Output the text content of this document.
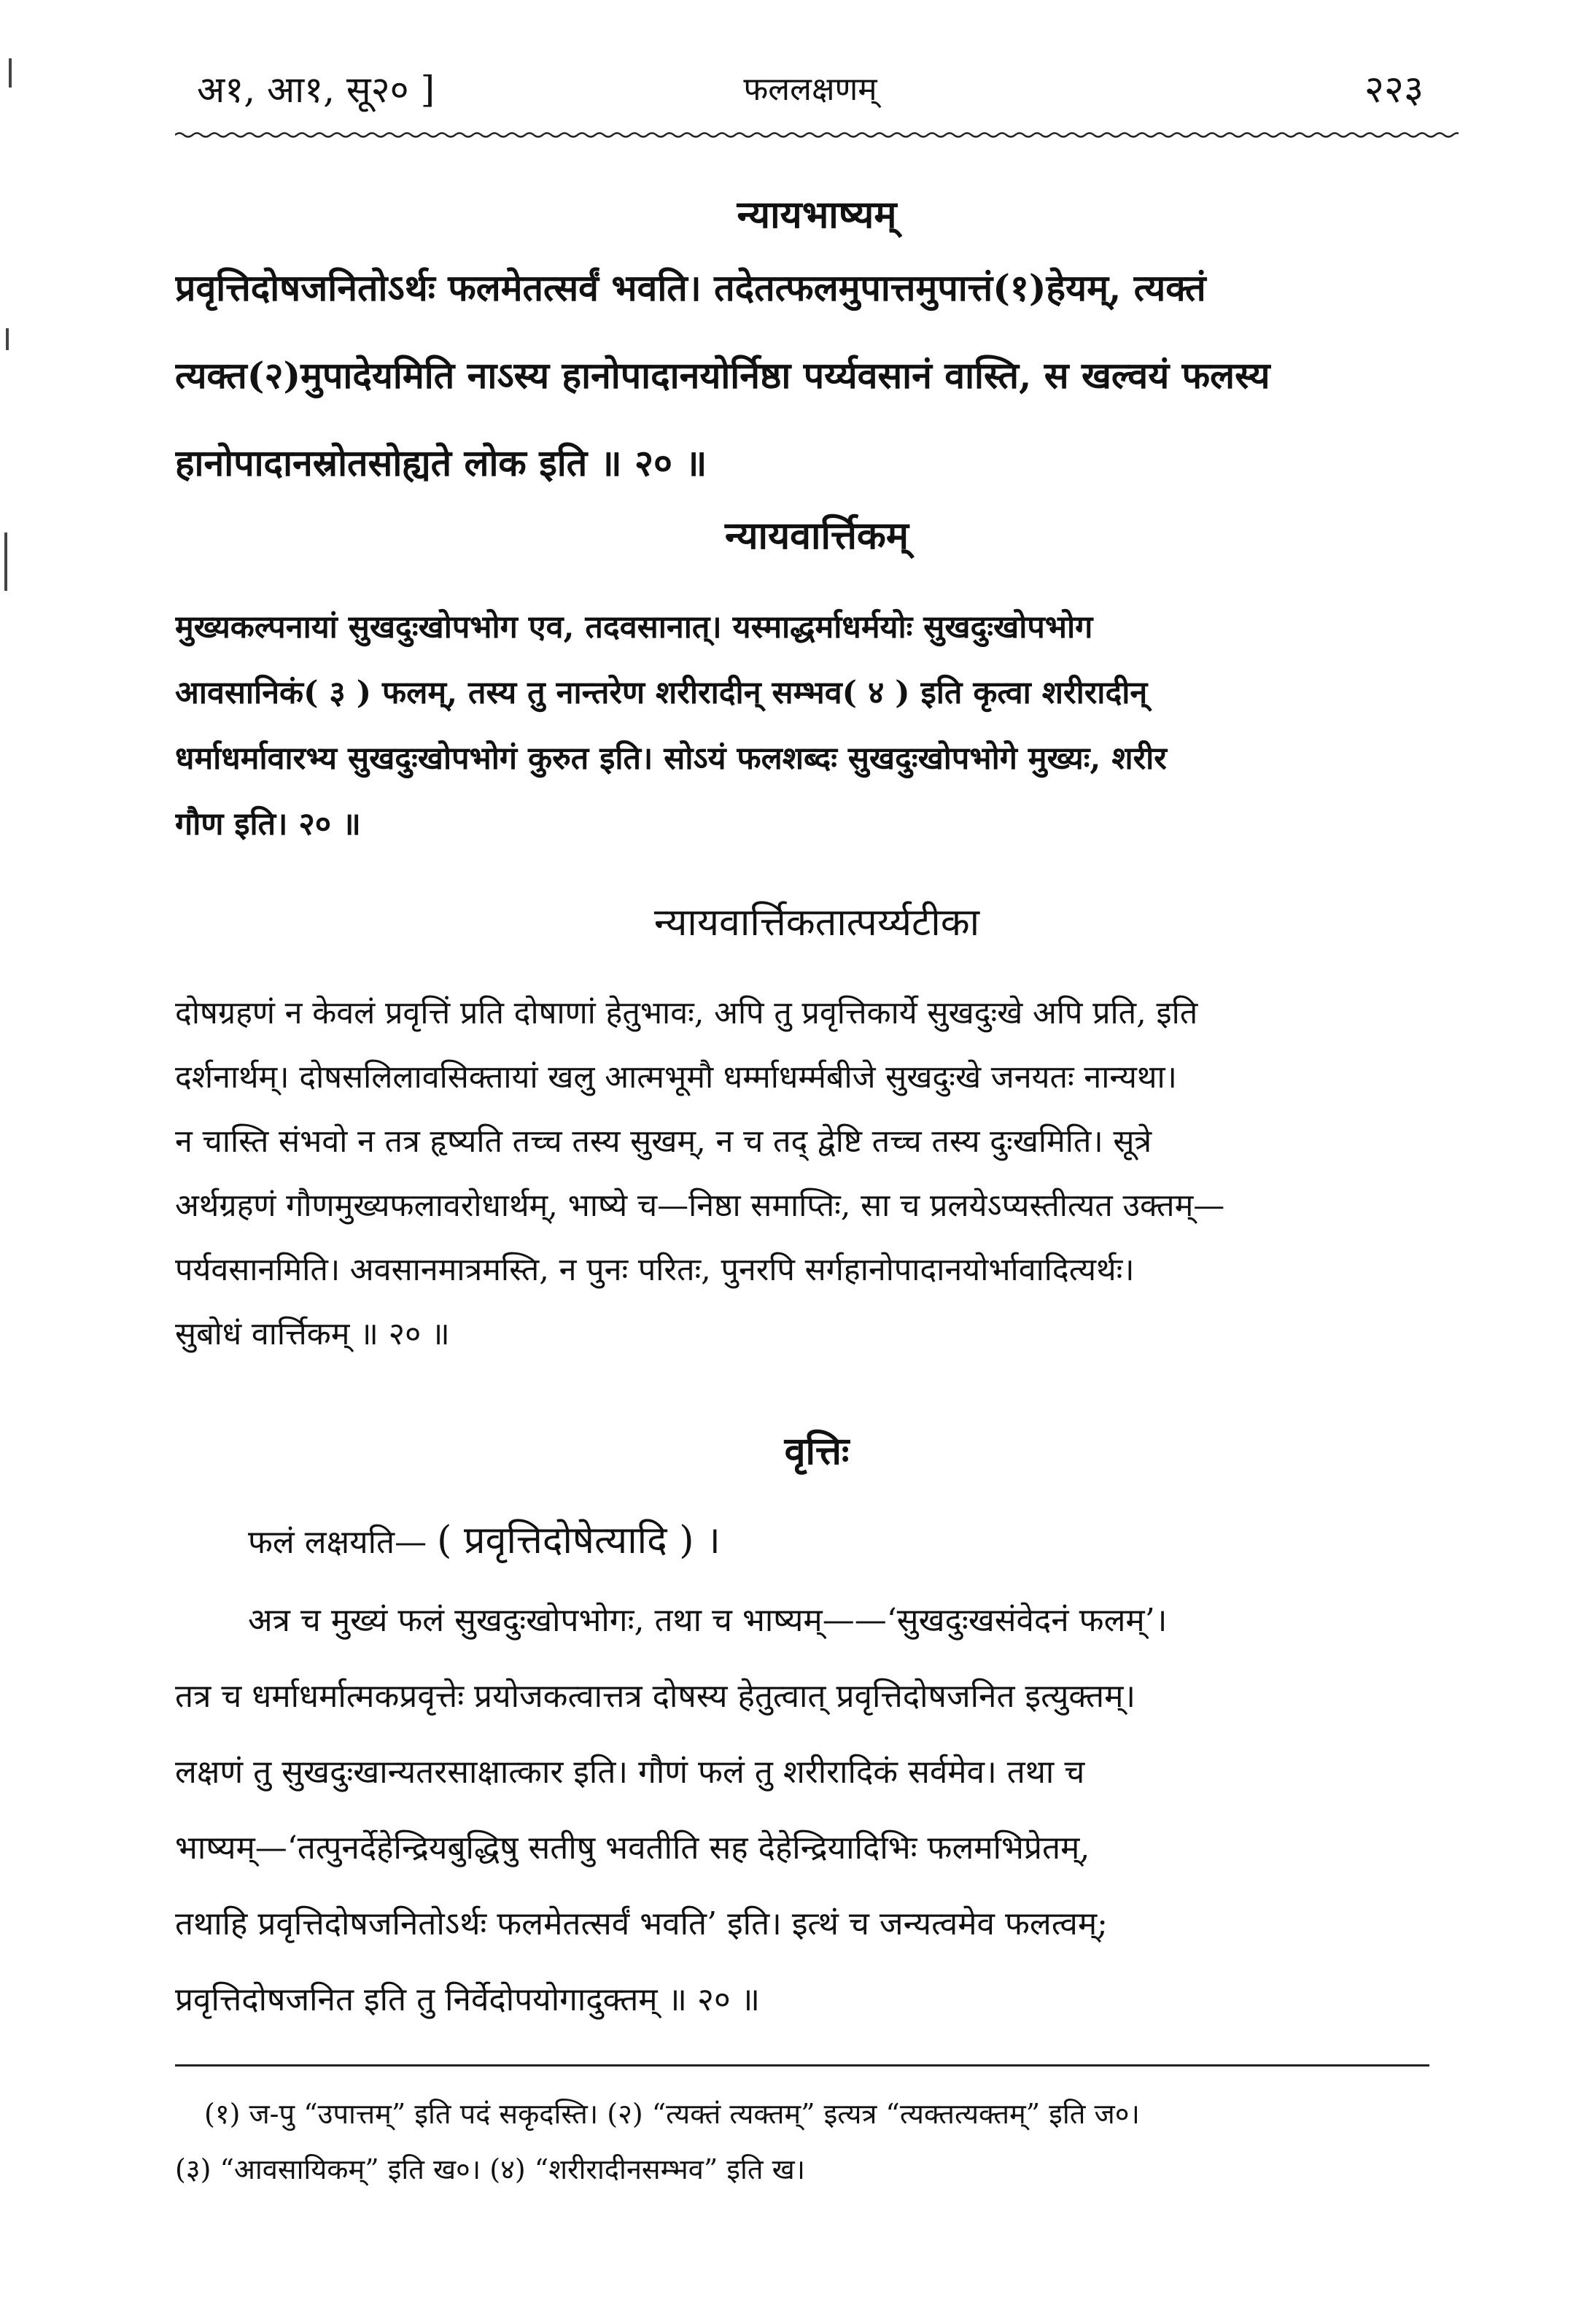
अ१, आ१, सू२० ]	फललक्षणम्	२२३
न्यायभाष्यम्
प्रवृत्तिदोषजनितोऽर्थः फलमेतत्सर्वं भवति। तदेतत्फलमुपात्तमुपात्तं(१)हेयम्, त्यक्तं
त्यक्त(२)मुपादेयमिति नाऽस्य हानोपादानयोर्निष्ठा पर्य्यवसानं वास्ति, स खल्वयं फलस्य
हानोपादानस्रोतसोह्यते लोक इति ॥ २० ॥
न्यायवार्त्तिकम्
मुख्यकल्पनायां सुखदुःखोपभोग एव, तदवसानात्। यस्माद्धर्माधर्मयोः सुखदुःखोपभोग
आवसानिकं( ३ ) फलम्, तस्य तु नान्तरेण शरीरादीन् सम्भव( ४ ) इति कृत्वा शरीरादीन्
धर्माधर्मावारभ्य सुखदुःखोपभोगं कुरुत इति। सोऽयं फलशब्दः सुखदुःखोपभोगे मुख्यः, शरीर
गौण इति। २० ॥
न्यायवार्त्तिकतात्पर्य्यटीका
दोषग्रहणं न केवलं प्रवृत्तिं प्रति दोषाणां हेतुभावः, अपि तु प्रवृत्तिकार्ये सुखदुःखे अपि प्रति, इति
दर्शनार्थम्। दोषसलिलावसिक्तायां खलु आत्मभूमौ धर्म्माधर्म्मबीजे सुखदुःखे जनयतः नान्यथा।
न चास्ति संभवो न तत्र हृष्यति तच्च तस्य सुखम्, न च तद् द्वेष्टि तच्च तस्य दुःखमिति। सूत्रे
अर्थग्रहणं गौणमुख्यफलावरोधार्थम्, भाष्ये च—निष्ठा समाप्तिः, सा च प्रलयेऽप्यस्तीत्यत उक्तम्—
पर्यवसानमिति। अवसानमात्रमस्ति, न पुनः परितः, पुनरपि सर्गहानोपादानयोर्भावादित्यर्थः।
सुबोधं वार्त्तिकम् ॥ २० ॥
वृत्तिः
फलं लक्षयति— ( प्रवृत्तिदोषेत्यादि ) ।
अत्र च मुख्यं फलं सुखदुःखोपभोगः, तथा च भाष्यम्——‘सुखदुःखसंवेदनं फलम्’।
तत्र च धर्माधर्मात्मकप्रवृत्तेः प्रयोजकत्वात्तत्र दोषस्य हेतुत्वात् प्रवृत्तिदोषजनित इत्युक्तम्।
लक्षणं तु सुखदुःखान्यतरसाक्षात्कार इति। गौणं फलं तु शरीरादिकं सर्वमेव। तथा च
भाष्यम्—‘तत्पुनर्देहेन्द्रियबुद्धिषु सतीषु भवतीति सह देहेन्द्रियादिभिः फलमभिप्रेतम्,
तथाहि प्रवृत्तिदोषजनितोऽर्थः फलमेतत्सर्वं भवति’ इति। इत्थं च जन्यत्वमेव फलत्वम्;
प्रवृत्तिदोषजनित इति तु निर्वेदोपयोगादुक्तम् ॥ २० ॥
(१) ज-पु “उपात्तम्” इति पदं सकृदस्ति। (२) “त्यक्तं त्यक्तम्” इत्यत्र “त्यक्तत्यक्तम्” इति ज०।
(३) “आवसायिकम्” इति ख०। (४) “शरीरादीनसम्भव” इति ख।
